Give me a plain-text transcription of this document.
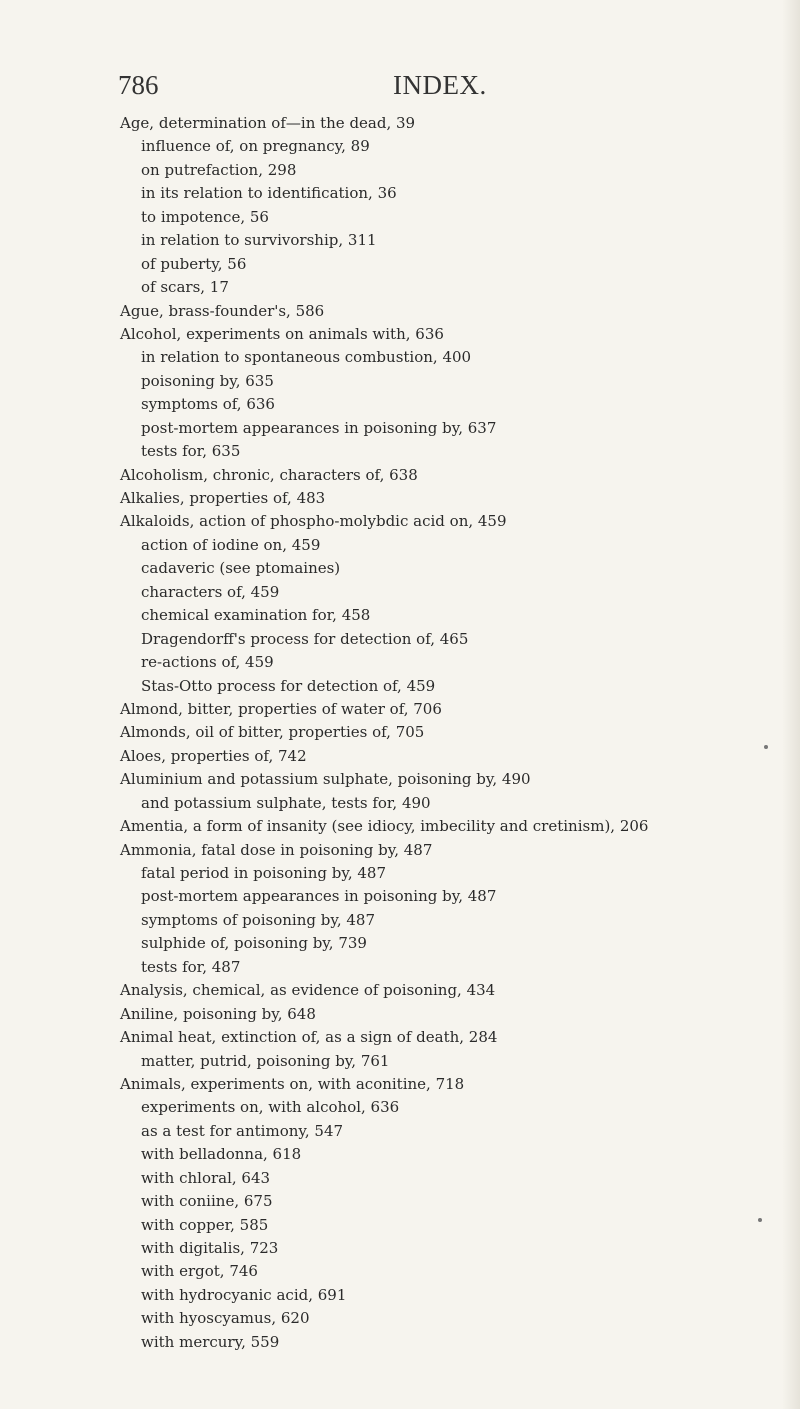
786	INDEX.
Age, determination of—in the dead, 39
influence of, on pregnancy, 89
on putrefaction, 298
in its relation to identification, 36
to impotence, 56
in relation to survivorship, 311
of puberty, 56
of scars, 17
Ague, brass-founder's, 586
Alcohol, experiments on animals with, 636
in relation to spontaneous combustion, 400
poisoning by, 635
symptoms of, 636
post-mortem appearances in poisoning by, 637
tests for, 635
Alcoholism, chronic, characters of, 638
Alkalies, properties of, 483
Alkaloids, action of phospho-molybdic acid on, 459
action of iodine on, 459
cadaveric (see ptomaines)
characters of, 459
chemical examination for, 458
Dragendorff's process for detection of, 465
re-actions of, 459
Stas-Otto process for detection of, 459
Almond, bitter, properties of water of, 706
Almonds, oil of bitter, properties of, 705
Aloes, properties of, 742
Aluminium and potassium sulphate, poisoning by, 490
and potassium sulphate, tests for, 490
Amentia, a form of insanity (see idiocy, imbecility and cretinism), 206
Ammonia, fatal dose in poisoning by, 487
fatal period in poisoning by, 487
post-mortem appearances in poisoning by, 487
symptoms of poisoning by, 487
sulphide of, poisoning by, 739
tests for, 487
Analysis, chemical, as evidence of poisoning, 434
Aniline, poisoning by, 648
Animal heat, extinction of, as a sign of death, 284
matter, putrid, poisoning by, 761
Animals, experiments on, with aconitine, 718
experiments on, with alcohol, 636
as a test for antimony, 547
with belladonna, 618
with chloral, 643
with coniine, 675
with copper, 585
with digitalis, 723
with ergot, 746
with hydrocyanic acid, 691
with hyoscyamus, 620
with mercury, 559
